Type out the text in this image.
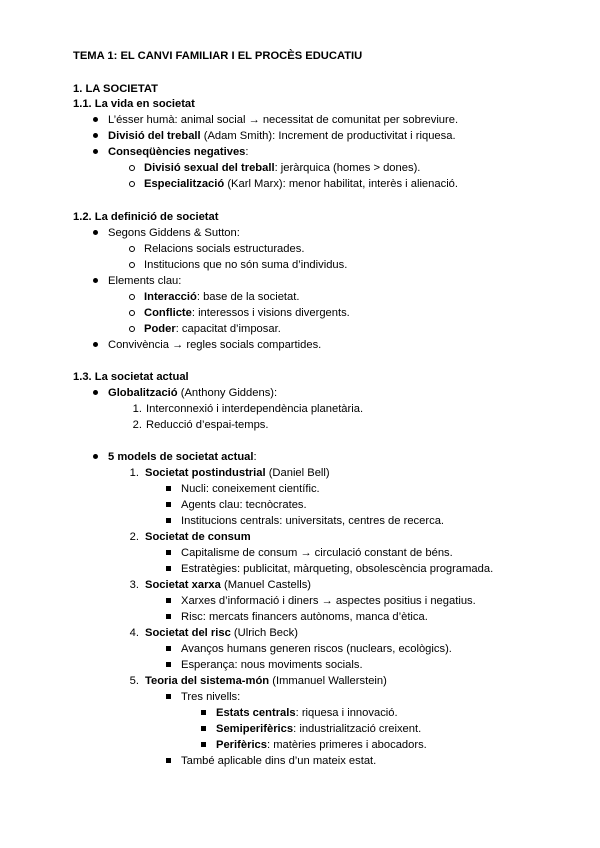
TEMA 1: EL CANVI FAMILIAR I EL PROCÈS EDUCATIU
1. LA SOCIETAT
1.1. La vida en societat
L’ésser humà: animal social → necessitat de comunitat per sobreviure.
Divisió del treball (Adam Smith): Increment de productivitat i riquesa.
Conseqüències negatives:
Divisió sexual del treball: jeràrquica (homes > dones).
Especialització (Karl Marx): menor habilitat, interès i alienació.
1.2. La definició de societat
Segons Giddens & Sutton:
Relacions socials estructurades.
Institucions que no són suma d’individus.
Elements clau:
Interacció: base de la societat.
Conflicte: interessos i visions divergents.
Poder: capacitat d’imposar.
Convivència → regles socials compartides.
1.3. La societat actual
Globalització (Anthony Giddens):
1. Interconnexió i interdependència planetària.
2. Reducció d’espai-temps.
5 models de societat actual:
1. Societat postindustrial (Daniel Bell)
Nucli: coneixement científic.
Agents clau: tecnòcrates.
Institucions centrals: universitats, centres de recerca.
2. Societat de consum
Capitalisme de consum → circulació constant de béns.
Estratègies: publicitat, màrqueting, obsolescència programada.
3. Societat xarxa (Manuel Castells)
Xarxes d’informació i diners → aspectes positius i negatius.
Risc: mercats financers autònoms, manca d’ètica.
4. Societat del risc (Ulrich Beck)
Avanços humans generen riscos (nuclears, ecològics).
Esperança: nous moviments socials.
5. Teoria del sistema-món (Immanuel Wallerstein)
Tres nivells:
Estats centrals: riquesa i innovació.
Semiperifèrics: industrialització creixent.
Perifèrics: matèries primeres i abocadors.
També aplicable dins d’un mateix estat.
